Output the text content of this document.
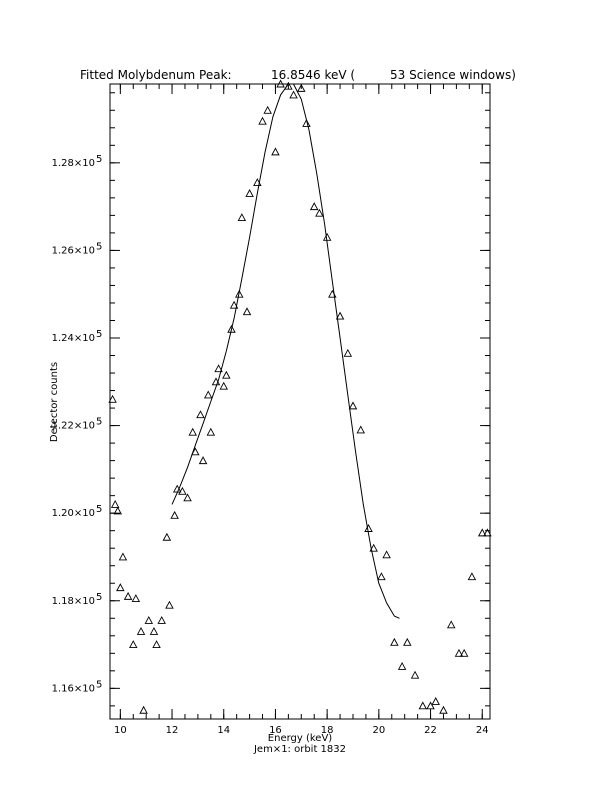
Fitted Molybdenum Peak:	16.8546 keV (	53 Science windows)
10	12	14	16	18	20	22	24
1.16×10 5
1.18×10 5
1.20×10 5
1.22×10 5
1.24×10 5
1.26×10 5
1.28×10 5
Energy (keV)
Jem×1: orbit 1832
Detector counts
